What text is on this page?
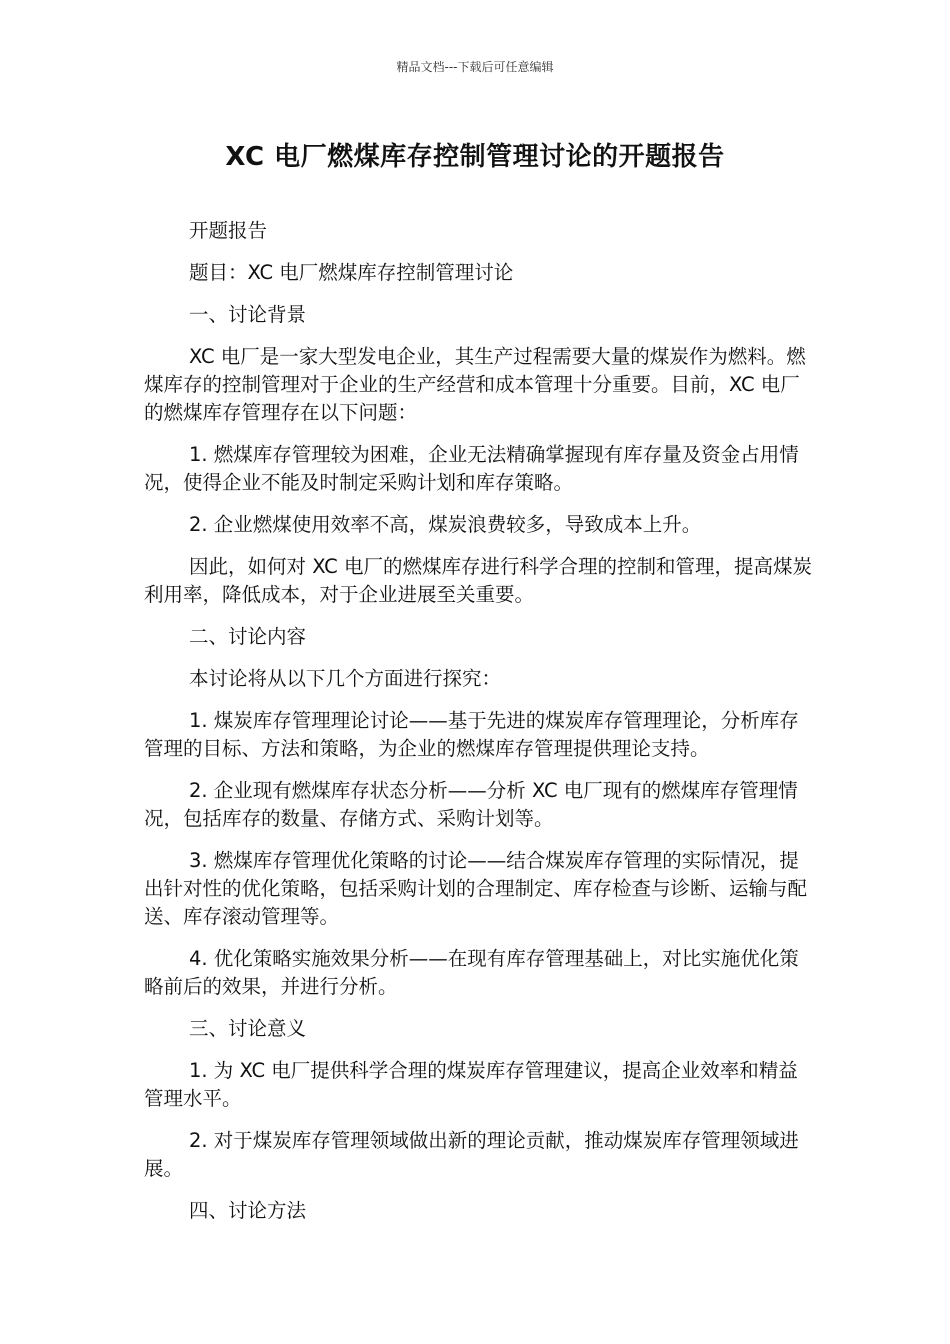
精品文档---下载后可任意编辑
XC 电厂燃煤库存控制管理讨论的开题报告

开题报告

题目：XC 电厂燃煤库存控制管理讨论

一、讨论背景

XC 电厂是一家大型发电企业，其生产过程需要大量的煤炭作为燃料。燃煤库存的控制管理对于企业的生产经营和成本管理十分重要。目前，XC 电厂的燃煤库存管理存在以下问题：

1. 燃煤库存管理较为困难，企业无法精确掌握现有库存量及资金占用情况，使得企业不能及时制定采购计划和库存策略。

2. 企业燃煤使用效率不高，煤炭浪费较多，导致成本上升。

因此，如何对 XC 电厂的燃煤库存进行科学合理的控制和管理，提高煤炭利用率，降低成本，对于企业进展至关重要。

二、讨论内容

本讨论将从以下几个方面进行探究：

1. 煤炭库存管理理论讨论——基于先进的煤炭库存管理理论，分析库存管理的目标、方法和策略，为企业的燃煤库存管理提供理论支持。

2. 企业现有燃煤库存状态分析——分析 XC 电厂现有的燃煤库存管理情况，包括库存的数量、存储方式、采购计划等。

3. 燃煤库存管理优化策略的讨论——结合煤炭库存管理的实际情况，提出针对性的优化策略，包括采购计划的合理制定、库存检查与诊断、运输与配送、库存滚动管理等。

4. 优化策略实施效果分析——在现有库存管理基础上，对比实施优化策略前后的效果，并进行分析。

三、讨论意义

1. 为 XC 电厂提供科学合理的煤炭库存管理建议，提高企业效率和精益管理水平。

2. 对于煤炭库存管理领域做出新的理论贡献，推动煤炭库存管理领域进展。

四、讨论方法
